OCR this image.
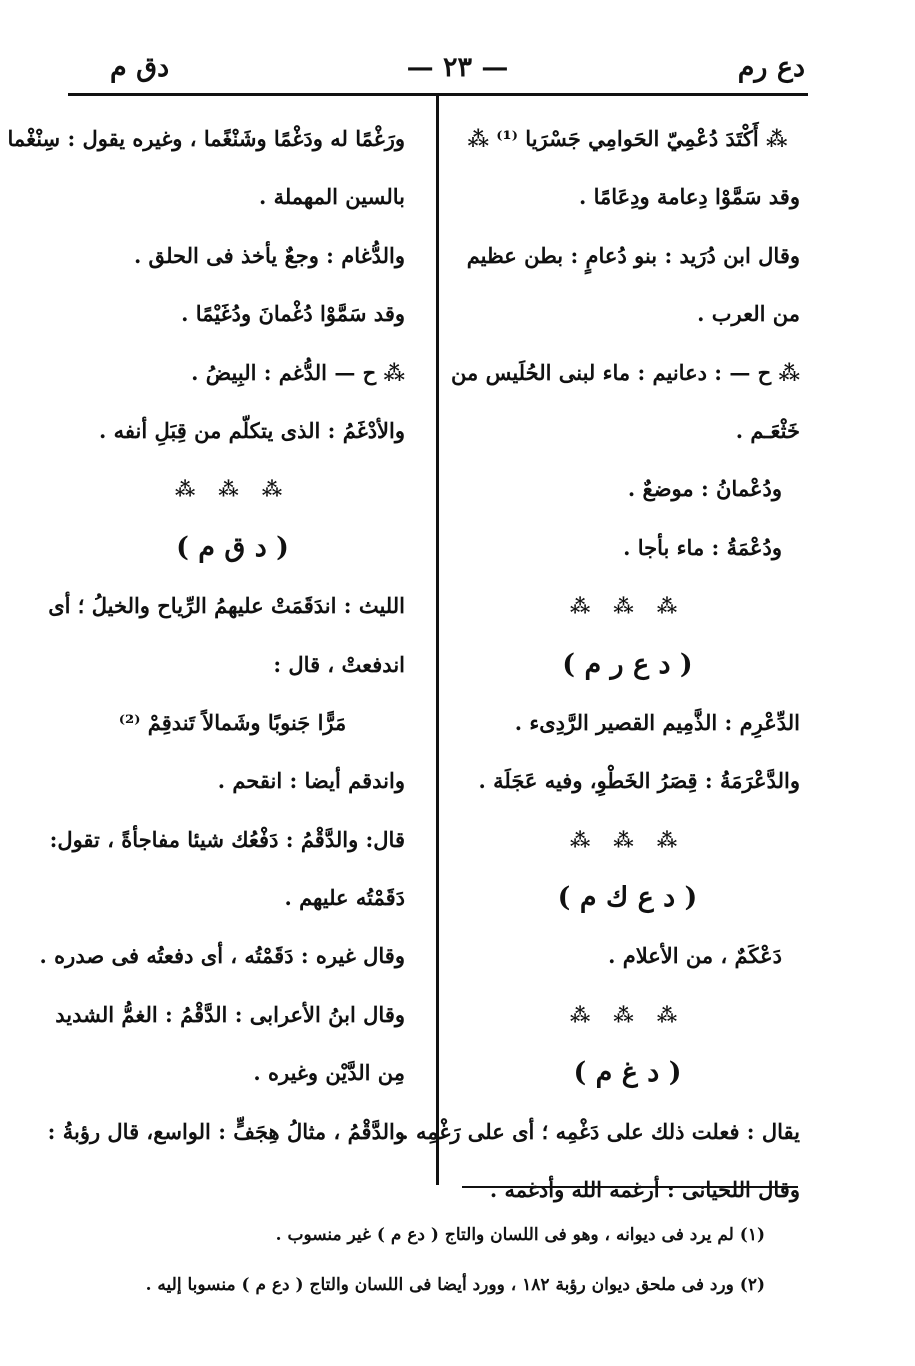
دع رم
— ٢٣ —
دق م
⁂ أَكْتَدَ دُعْمِيّ الحَوامِي جَسْرَيا ⁽¹⁾ ⁂
وقد سَمَّوْا دِعامة ودِعَامًا .
وقال ابن دُرَيد : بنو دُعامٍ : بطن عظيم
من العرب .
⁂ ح — : دعانيم : ماء لبنى الحُلَيس من
خَثْعَـم .
ودُعْمانُ : موضعٌ .
ودُعْمَةُ : ماء بأجا .
⁂ ⁂ ⁂
( د ع ر م )
الدِّعْرِم : الذَّمِيم القصير الرَّدِىء .
والدَّعْرَمَةُ : قِصَرُ الخَطْوِ، وفيه عَجَلَة .
⁂ ⁂ ⁂
( د ع ك م )
دَعْكَمٌ ، من الأعلام .
⁂ ⁂ ⁂
( د غ م )
يقال : فعلت ذلك على دَغْمِه ؛ أى على رَغْمِه .
وقال اللحيانى : أرغمه الله وأدغمه .
ورَغْمًا له ودَغْمًا وشَنْغًما ، وغيره يقول : سِنْغْما
بالسين المهملة .
والدُّغام : وجعٌ يأخذ فى الحلق .
وقد سَمَّوْا دُغْمانَ ودُغَيْمًا .
⁂ ح — الدُّغم : البِيضُ .
والأدْغَمُ : الذى يتكلّم من قِبَلِ أنفه .
⁂ ⁂ ⁂
( د ق م )
الليث : اندَقَمَتْ عليهمُ الرِّياح والخيلُ ؛ أى
اندفعتْ ، قال :
مَرًّا جَنوبًا وشَمالاً تَندقِمْ ⁽²⁾
واندقم أيضا : انقحم .
قال: والدَّقْمُ : دَفْعُك شيئا مفاجأةً ، تقول:
دَقَمْتُه عليهم .
وقال غيره : دَقَمْتُه ، أى دفعتُه فى صدره .
وقال ابنُ الأعرابى : الدَّقْمُ : الغمُّ الشديد
مِن الدَّيْن وغيره .
والدَّقْمُ ، مثالُ هِجَفٍّ : الواسع، قال رؤبةُ :
(١) لم يرد فى ديوانه ، وهو فى اللسان والتاج ( دع م ) غير منسوب .
(٢) ورد فى ملحق ديوان رؤبة ١٨٢ ، وورد أيضا فى اللسان والتاج ( دع م ) منسوبا إليه .
